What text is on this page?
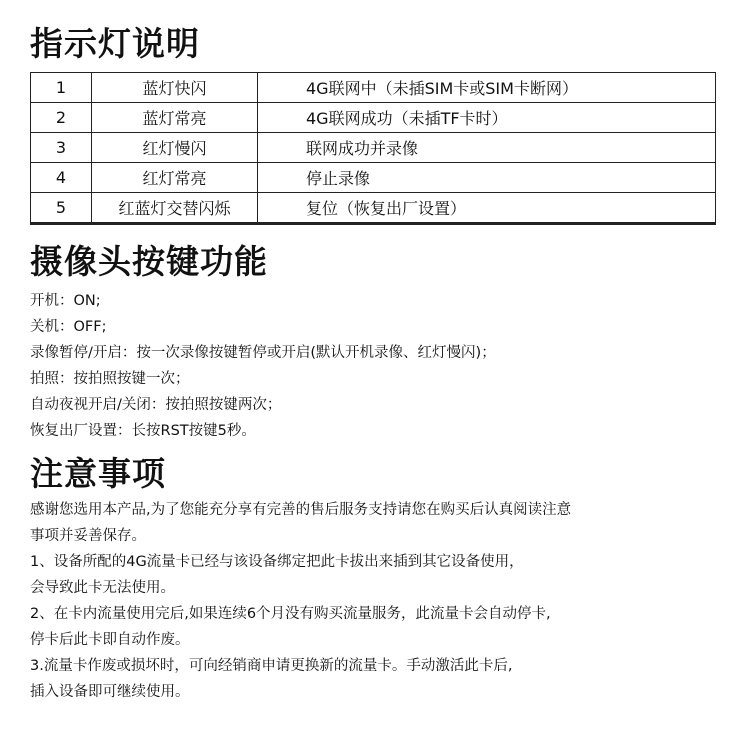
指示灯说明
1	蓝灯快闪	4G联网中（未插SIM卡或SIM卡断网）
2	蓝灯常亮	4G联网成功（未插TF卡时）
3	红灯慢闪	联网成功并录像
4	红灯常亮	停止录像
5	红蓝灯交替闪烁	复位（恢复出厂设置）
摄像头按键功能
开机：ON;
关机：OFF;
录像暂停/开启：按一次录像按键暂停或开启(默认开机录像、红灯慢闪)；
拍照：按拍照按键一次；
自动夜视开启/关闭：按拍照按键两次；
恢复出厂设置：长按RST按键5秒。
注意事项
感谢您选用本产品,为了您能充分享有完善的售后服务支持请您在购买后认真阅读注意
事项并妥善保存。
1、设备所配的4G流量卡已经与该设备绑定把此卡拔出来插到其它设备使用，
会导致此卡无法使用。
2、在卡内流量使用完后,如果连续6个月没有购买流量服务，此流量卡会自动停卡,
停卡后此卡即自动作废。
3.流量卡作废或损坏时，可向经销商申请更换新的流量卡。手动激活此卡后,
插入设备即可继续使用。
